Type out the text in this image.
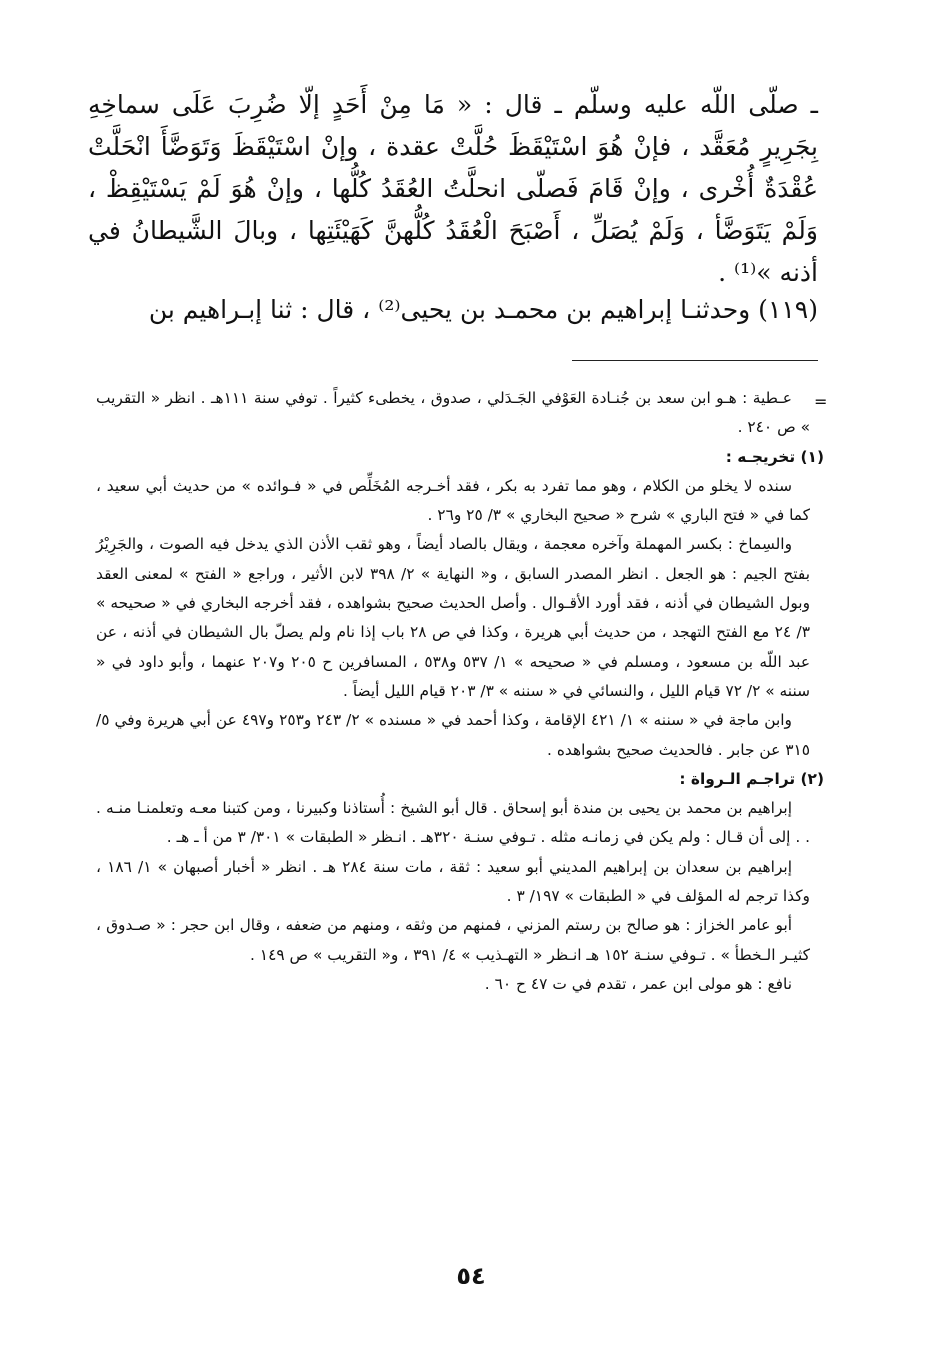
ـ صلّى اللّه عليه وسلّم ـ قال : « مَا مِنْ أَحَدٍ إلّا ضُرِبَ عَلَى سماخِهِ بِجَرِيرٍ مُعَقَّد ، فإنْ هُوَ اسْتَيْقَظَ حُلَّتْ عقدة ، وإنْ اسْتَيْقَظَ وَتَوَضَّأَ انْحَلَّتْ عُقْدَةٌ أُخْرى ، وإنْ قَامَ فَصلّى انحلَّتُ العُقَدُ كُلُّها ، وإنْ هُوَ لَمْ يَسْتَيْقِظْ ، وَلَمْ يَتَوَضَّأ ، وَلَمْ يُصَلِّ ، أَصْبَحَ الْعُقَدُ كُلُّهنَّ كَهَيْئَتِها ، وبالَ الشَّيطانُ في أذنه »⁽¹⁾ .

(١١٩) وحدثنـا إبراهيم بن محمـد بن يحيى⁽²⁾ ، قال : ثنا إبـراهيم بن
=

عـطية : هـو ابن سعد بن جُنـادة العَوْفي الجَـدَلي ، صدوق ، يخطىء كثيراً . توفي سنة ١١١هـ . انظر « التقريب » ص ٢٤٠ .

(١) تخريجـه :

سنده لا يخلو من الكلام ، وهو مما تفرد به بكر ، فقد أخـرجه المُخَلِّص في « فـوائده » من حديث أبي سعيد ، كما في « فتح الباري » شرح « صحيح البخاري » ٣/ ٢٥ و٢٦ .

والسِماخ : بكسر المهملة وآخره معجمة ، ويقال بالصاد أيضاً ، وهو ثقب الأذن الذي يدخل فيه الصوت ، والجَرِيْرُ بفتح الجيم : هو الجعل . انظر المصدر السابق ، و« النهاية » ٢/ ٣٩٨ لابن الأثير ، وراجع « الفتح » لمعنى العقد وبول الشيطان في أذنه ، فقد أورد الأقـوال . وأصل الحديث صحيح بشواهده ، فقد أخرجه البخاري في « صحيحه » ٣/ ٢٤ مع الفتح التهجد ، من حديث أبي هريرة ، وكذا في ص ٢٨ باب إذا نام ولم يصلّ بال الشيطان في أذنه ، عن عبد اللّه بن مسعود ، ومسلم في « صحيحه » ١/ ٥٣٧ و٥٣٨ ، المسافرين ح ٢٠٥ و٢٠٧ عنهما ، وأبو داود في « سننه » ٢/ ٧٢ قيام الليل ، والنسائي في « سننه » ٣/ ٢٠٣ قيام الليل أيضاً .

وابن ماجة في « سننه » ١/ ٤٢١ الإقامة ، وكذا أحمد في « مسنده » ٢/ ٢٤٣ و٢٥٣ و٤٩٧ عن أبي هريرة وفي ٥/ ٣١٥ عن جابر . فالحديث صحيح بشواهده .

(٢) تراجـم الـرواة :

إبراهيم بن محمد بن يحيى بن مندة أبو إسحاق . قال أبو الشيخ : أُستاذنا وكبيرنا ، ومن كتبنا معـه وتعلمنـا منـه . . . إلى أن قـال : ولم يكن في زمانـه مثله . تـوفي سنـة ٣٢٠هـ . انـظر « الطبقات » ٣٠١/ ٣ من أ ـ هـ .

إبراهيم بن سعدان بن إبراهيم المديني أبو سعيد : ثقة ، مات سنة ٢٨٤ هـ . انظر « أخبار أصبهان » ١/ ١٨٦ ، وكذا ترجم له المؤلف في « الطبقات » ١٩٧/ ٣ .

أبو عامر الخزاز : هو صالح بن رستم المزني ، فمنهم من وثقه ، ومنهم من ضعفه ، وقال ابن حجر : « صـدوق ، كثيـر الـخطأ » . تـوفي سنـة ١٥٢ هـ انـظر « التهـذيب » ٤/ ٣٩١ ، و« التقريب » ص ١٤٩ .

نافع : هو مولى ابن عمر ، تقدم في ت ٤٧ ح ٦٠ .

٥٤
